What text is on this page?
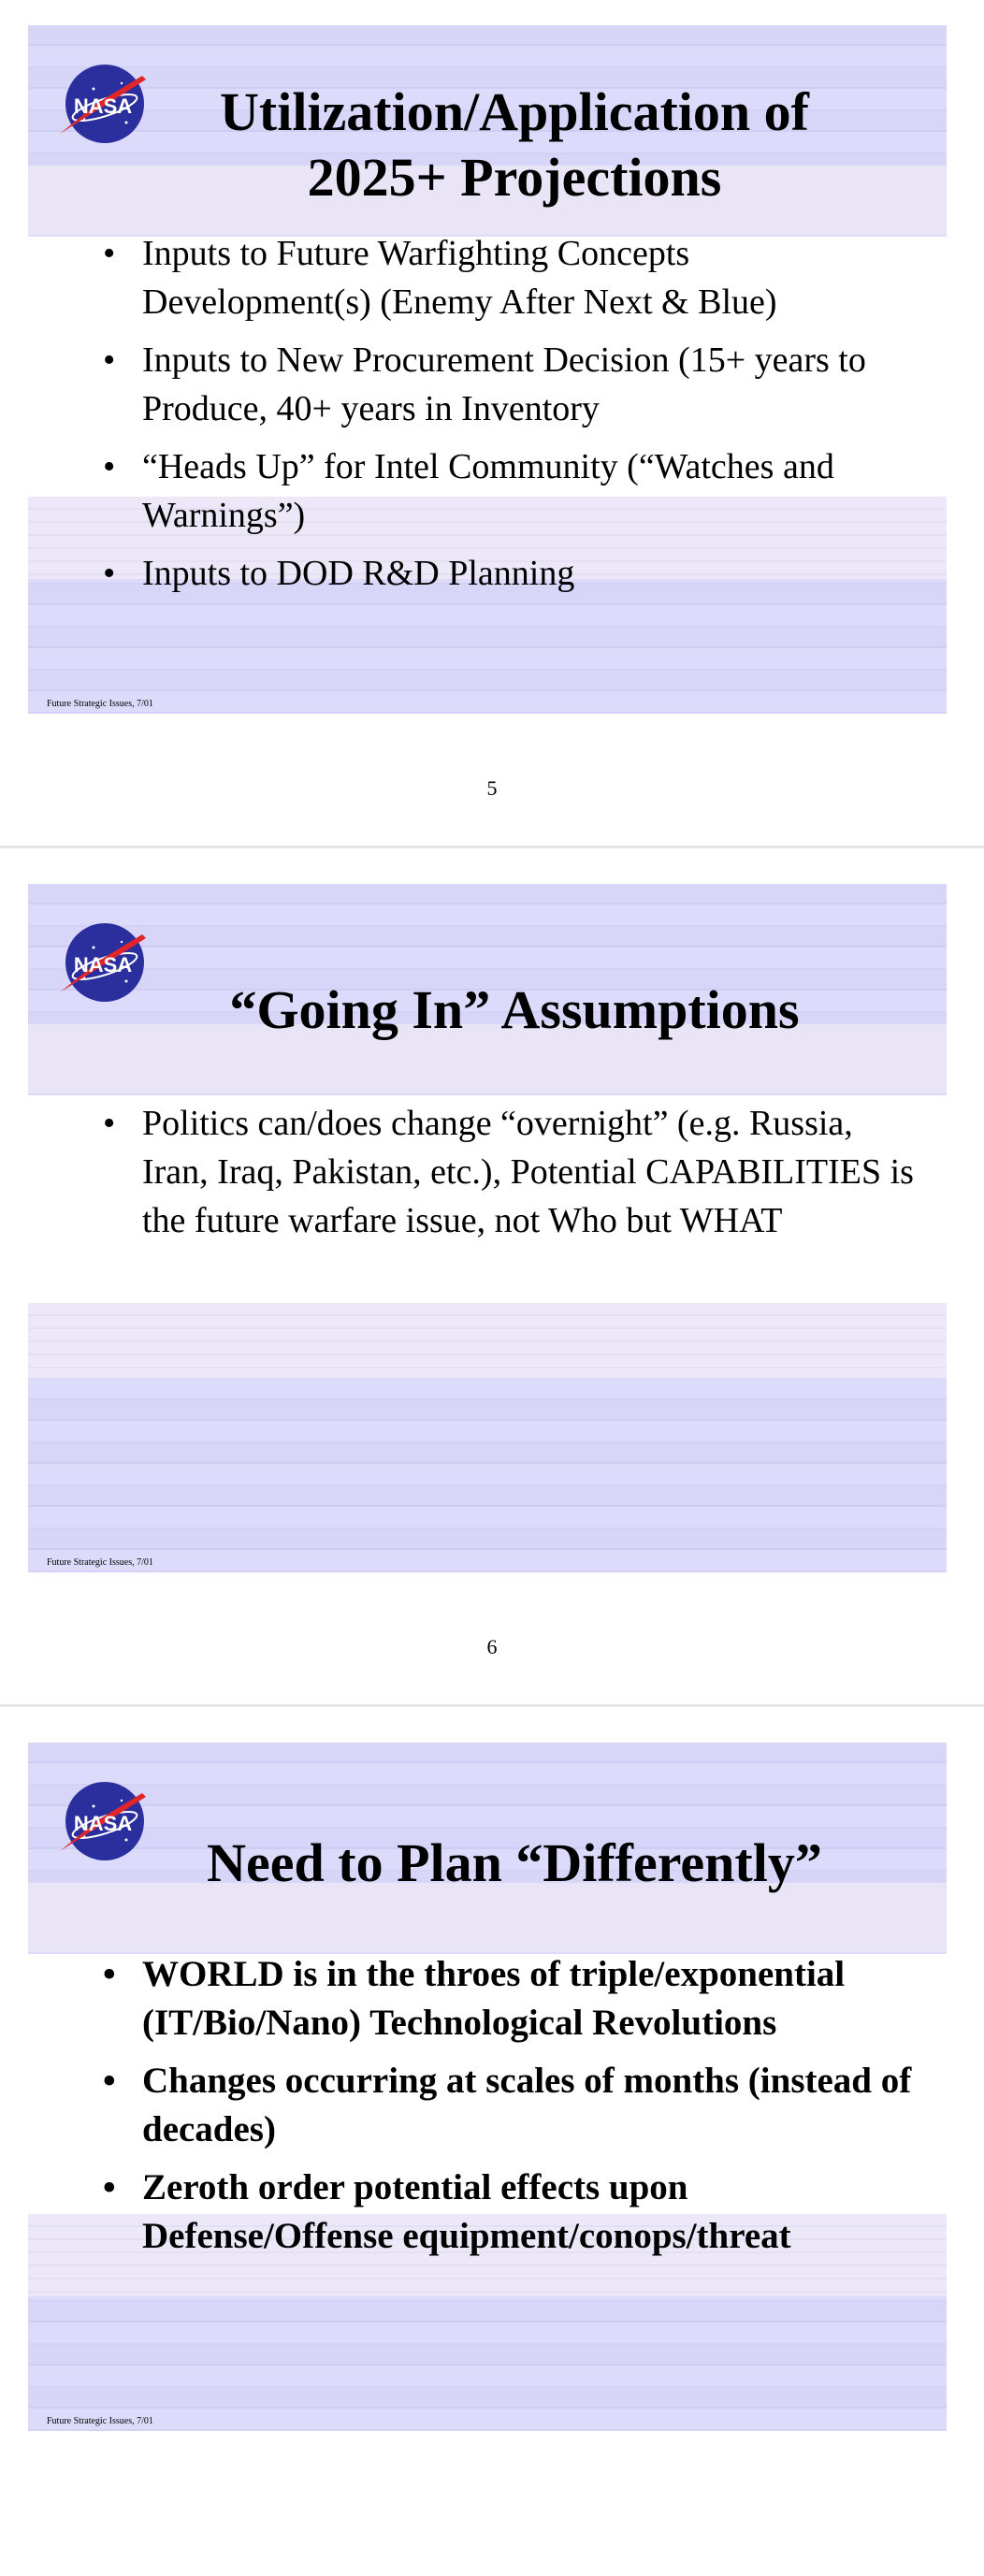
NASA	Utilization/Application of
2025+ Projections
• Inputs to Future Warfighting Concepts Development(s) (Enemy After Next & Blue)
• Inputs to New Procurement Decision (15+ years to Produce, 40+ years in Inventory
• “Heads Up” for Intel Community (“Watches and Warnings”)
• Inputs to DOD R&D Planning
Future Strategic Issues, 7/01
5
NASA
“Going In” Assumptions
• Politics can/does change “overnight” (e.g. Russia, Iran, Iraq, Pakistan, etc.), Potential CAPABILITIES is the future warfare issue, not Who but WHAT
Future Strategic Issues, 7/01
6
NASA
Need to Plan “Differently”
• WORLD is in the throes of triple/exponential (IT/Bio/Nano) Technological Revolutions
• Changes occurring at scales of months (instead of decades)
• Zeroth order potential effects upon Defense/Offense equipment/conops/threat
Future Strategic Issues, 7/01
